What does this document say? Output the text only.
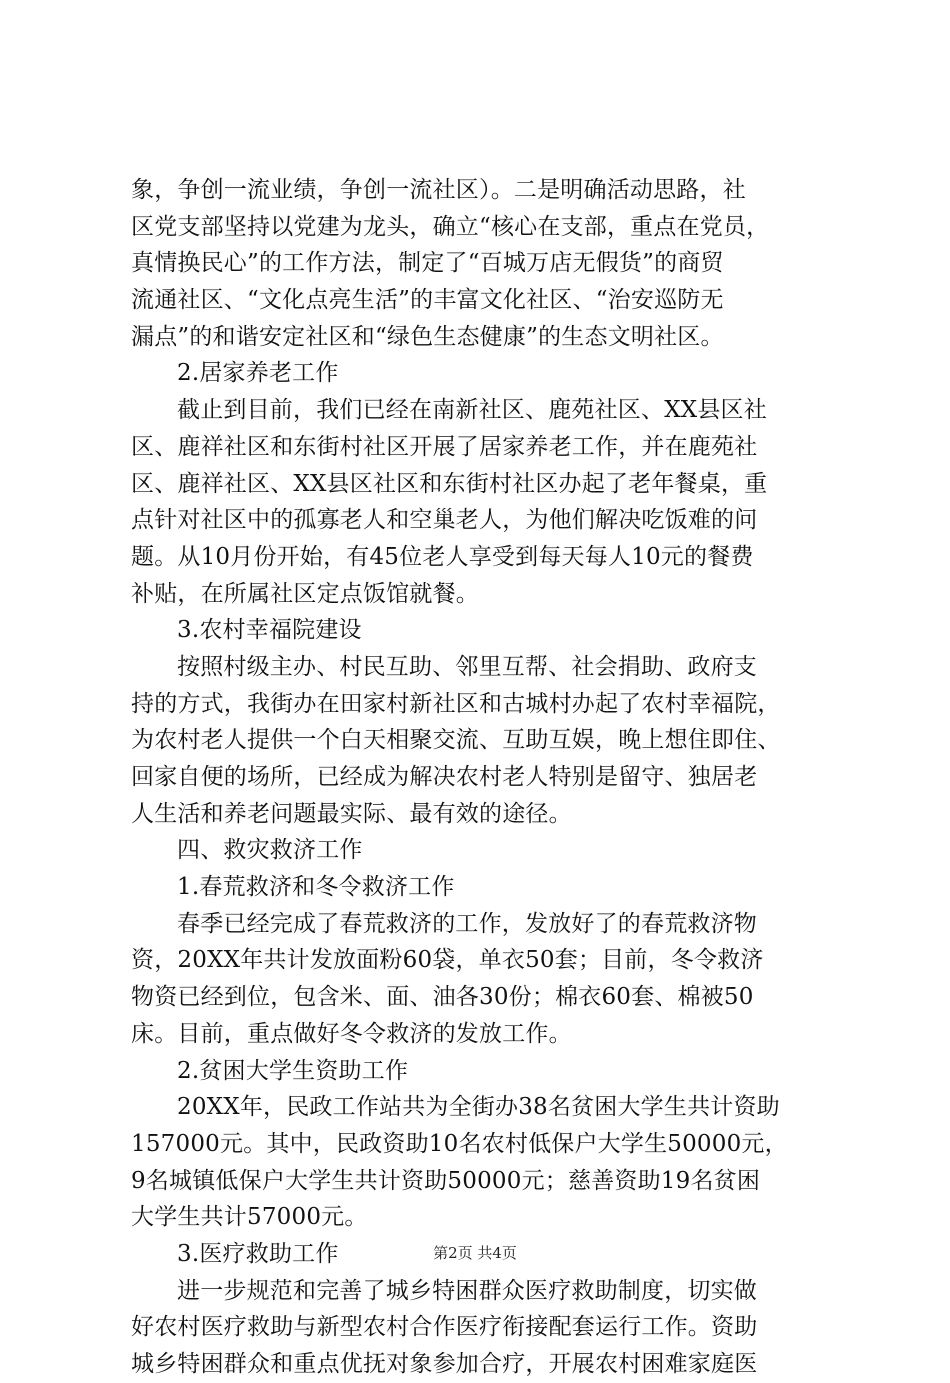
象，争创一流业绩，争创一流社区）。二是明确活动思路，社
区党支部坚持以党建为龙头，确立“核心在支部，重点在党员，
真情换民心”的工作方法，制定了“百城万店无假货”的商贸
流通社区、“文化点亮生活”的丰富文化社区、“治安巡防无
漏点”的和谐安定社区和“绿色生态健康”的生态文明社区。
2.居家养老工作
截止到目前，我们已经在南新社区、鹿苑社区、XX县区社
区、鹿祥社区和东街村社区开展了居家养老工作，并在鹿苑社
区、鹿祥社区、XX县区社区和东街村社区办起了老年餐桌，重
点针对社区中的孤寡老人和空巢老人，为他们解决吃饭难的问
题。从10月份开始，有45位老人享受到每天每人10元的餐费
补贴，在所属社区定点饭馆就餐。
3.农村幸福院建设
按照村级主办、村民互助、邻里互帮、社会捐助、政府支
持的方式，我街办在田家村新社区和古城村办起了农村幸福院，
为农村老人提供一个白天相聚交流、互助互娱，晚上想住即住、
回家自便的场所，已经成为解决农村老人特别是留守、独居老
人生活和养老问题最实际、最有效的途径。
四、救灾救济工作
1.春荒救济和冬令救济工作
春季已经完成了春荒救济的工作，发放好了的春荒救济物
资，20XX年共计发放面粉60袋，单衣50套；目前，冬令救济
物资已经到位，包含米、面、油各30份；棉衣60套、棉被50
床。目前，重点做好冬令救济的发放工作。
2.贫困大学生资助工作
20XX年，民政工作站共为全街办38名贫困大学生共计资助
157000元。其中，民政资助10名农村低保户大学生50000元，
9名城镇低保户大学生共计资助50000元；慈善资助19名贫困
大学生共计57000元。
3.医疗救助工作
进一步规范和完善了城乡特困群众医疗救助制度，切实做
好农村医疗救助与新型农村合作医疗衔接配套运行工作。资助
城乡特困群众和重点优抚对象参加合疗，开展农村困难家庭医
第2页 共4页
